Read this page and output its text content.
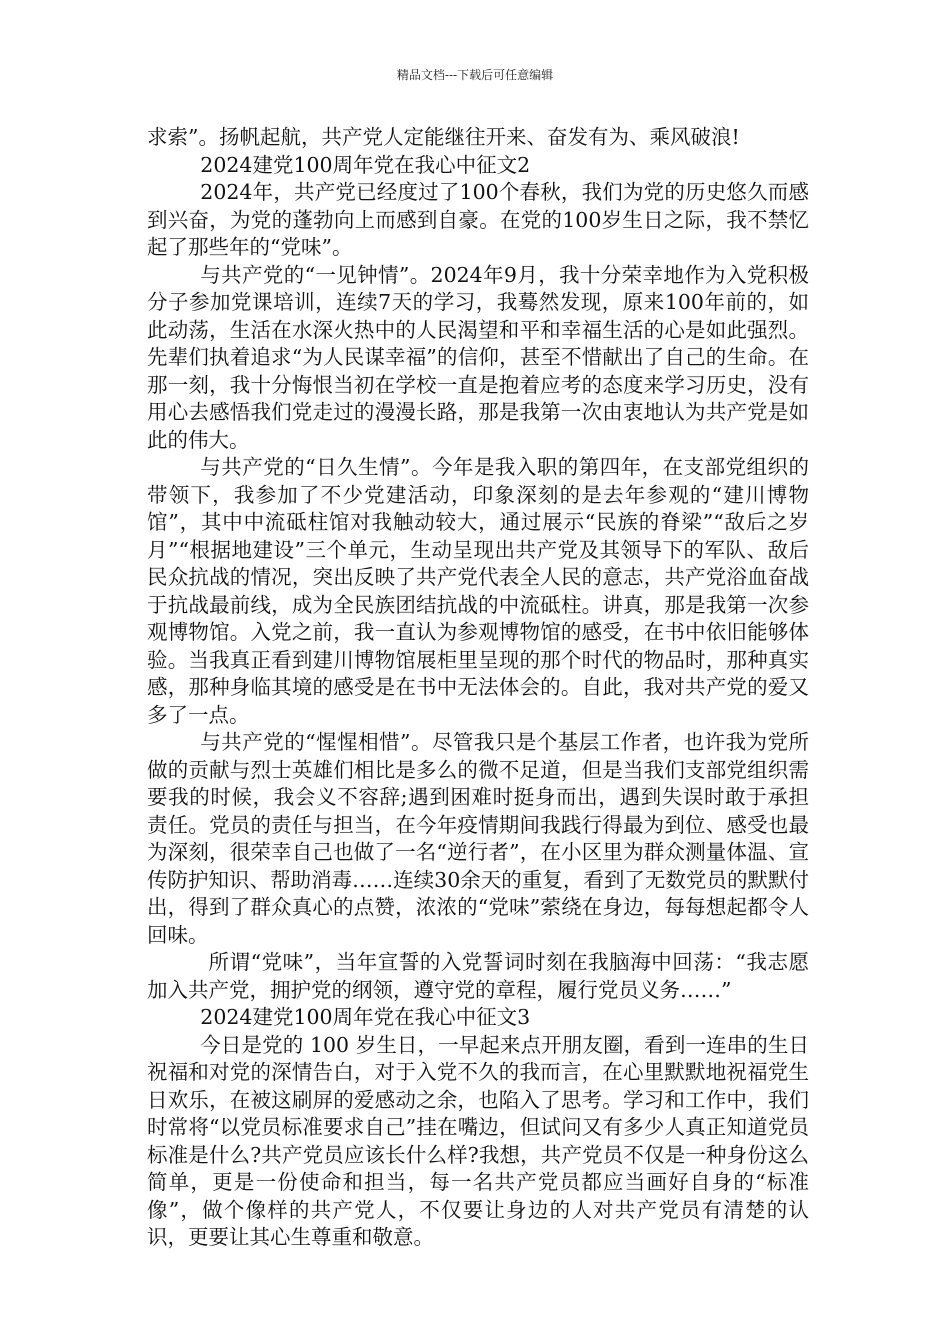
精品文档---下载后可任意编辑

求索”。扬帆起航，共产党人定能继往开来、奋发有为、乘风破浪!

2024建党100周年党在我心中征文2

2024年，共产党已经度过了100个春秋，我们为党的历史悠久而感到兴奋，为党的蓬勃向上而感到自豪。在党的100岁生日之际，我不禁忆起了那些年的“党味”。

与共产党的“一见钟情”。2024年9月，我十分荣幸地作为入党积极分子参加党课培训，连续7天的学习，我蓦然发现，原来100年前的，如此动荡，生活在水深火热中的人民渴望和平和幸福生活的心是如此强烈。先辈们执着追求“为人民谋幸福”的信仰，甚至不惜献出了自己的生命。在那一刻，我十分悔恨当初在学校一直是抱着应考的态度来学习历史，没有用心去感悟我们党走过的漫漫长路，那是我第一次由衷地认为共产党是如此的伟大。

与共产党的“日久生情”。今年是我入职的第四年，在支部党组织的带领下，我参加了不少党建活动，印象深刻的是去年参观的“建川博物馆”，其中中流砥柱馆对我触动较大，通过展示“民族的脊梁”“敌后之岁月”“根据地建设”三个单元，生动呈现出共产党及其领导下的军队、敌后民众抗战的情况，突出反映了共产党代表全人民的意志，共产党浴血奋战于抗战最前线，成为全民族团结抗战的中流砥柱。讲真，那是我第一次参观博物馆。入党之前，我一直认为参观博物馆的感受，在书中依旧能够体验。当我真正看到建川博物馆展柜里呈现的那个时代的物品时，那种真实感，那种身临其境的感受是在书中无法体会的。自此，我对共产党的爱又多了一点。

与共产党的“惺惺相惜”。尽管我只是个基层工作者，也许我为党所做的贡献与烈士英雄们相比是多么的微不足道，但是当我们支部党组织需要我的时候，我会义不容辞;遇到困难时挺身而出，遇到失误时敢于承担责任。党员的责任与担当，在今年疫情期间我践行得最为到位、感受也最为深刻，很荣幸自己也做了一名“逆行者”，在小区里为群众测量体温、宣传防护知识、帮助消毒……连续30余天的重复，看到了无数党员的默默付出，得到了群众真心的点赞，浓浓的“党味”萦绕在身边，每每想起都令人回味。

所谓“党味”，当年宣誓的入党誓词时刻在我脑海中回荡：“我志愿加入共产党，拥护党的纲领，遵守党的章程，履行党员义务……”

2024建党100周年党在我心中征文3

今日是党的 100 岁生日，一早起来点开朋友圈，看到一连串的生日祝福和对党的深情告白，对于入党不久的我而言，在心里默默地祝福党生日欢乐，在被这刷屏的爱感动之余，也陷入了思考。学习和工作中，我们时常将“以党员标准要求自己”挂在嘴边，但试问又有多少人真正知道党员标准是什么?共产党员应该长什么样?我想，共产党员不仅是一种身份这么简单，更是一份使命和担当，每一名共产党员都应当画好自身的“标准像”，做个像样的共产党人，不仅要让身边的人对共产党员有清楚的认识，更要让其心生尊重和敬意。
